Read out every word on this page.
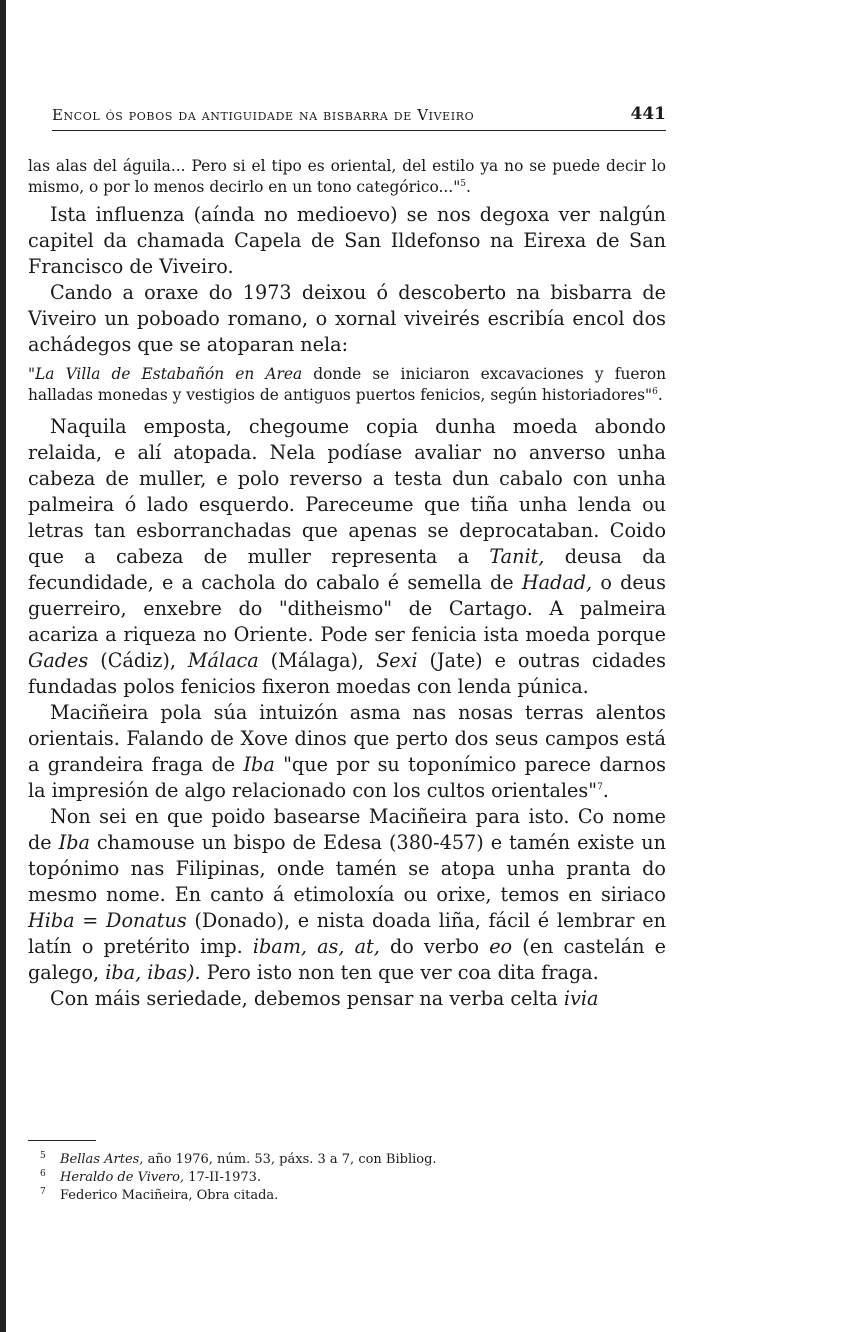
Encol ós pobos da antiguidade na bisbarra de Viveiro	441

las alas del águila... Pero si el tipo es oriental, del estilo ya no se puede decir lo mismo, o por lo menos decirlo en un tono categórico..."$^5$.

Ista influenza (aínda no medioevo) se nos degoxa ver nalgún capitel da chamada Capela de San Ildefonso na Eirexa de San Francisco de Viveiro.

Cando a oraxe do 1973 deixou ó descoberto na bisbarra de Viveiro un poboado romano, o xornal viveirés escribía encol dos achádegos que se atoparan nela:

"La Villa de Estabañón en Area donde se iniciaron excavaciones y fueron halladas monedas y vestigios de antiguos puertos fenicios, según historiadores"$^6$.

Naquila emposta, chegoume copia dunha moeda abondo relaida, e alí atopada. Nela podíase avaliar no anverso unha cabeza de muller, e polo reverso a testa dun cabalo con unha palmeira ó lado esquerdo. Pareceume que tiña unha lenda ou letras tan esborranchadas que apenas se deprocataban. Coido que a cabeza de muller representa a Tanit, deusa da fecundidade, e a cachola do cabalo é semella de Hadad, o deus guerreiro, enxebre do "ditheismo" de Cartago. A palmeira acariza a riqueza no Oriente. Pode ser fenicia ista moeda porque Gades (Cádiz), Málaca (Málaga), Sexi (Jate) e outras cidades fundadas polos fenicios fixeron moedas con lenda púnica.

Maciñeira pola súa intuizón asma nas nosas terras alentos orientais. Falando de Xove dinos que perto dos seus campos está a grandeira fraga de Iba "que por su toponímico parece darnos la impresión de algo relacionado con los cultos orientales"$^7$.

Non sei en que poido basearse Maciñeira para isto. Co nome de Iba chamouse un bispo de Edesa (380-457) e tamén existe un topónimo nas Filipinas, onde tamén se atopa unha pranta do mesmo nome. En canto á etimoloxía ou orixe, temos en siriaco Hiba = Donatus (Donado), e nista doada liña, fácil é lembrar en latín o pretérito imp. ibam, as, at, do verbo eo (en castelán e galego, iba, ibas). Pero isto non ten que ver coa dita fraga.

Con máis seriedade, debemos pensar na verba celta ivia

5 Bellas Artes, año 1976, núm. 53, páxs. 3 a 7, con Bibliog.
6 Heraldo de Vivero, 17-II-1973.
7 Federico Maciñeira, Obra citada.
